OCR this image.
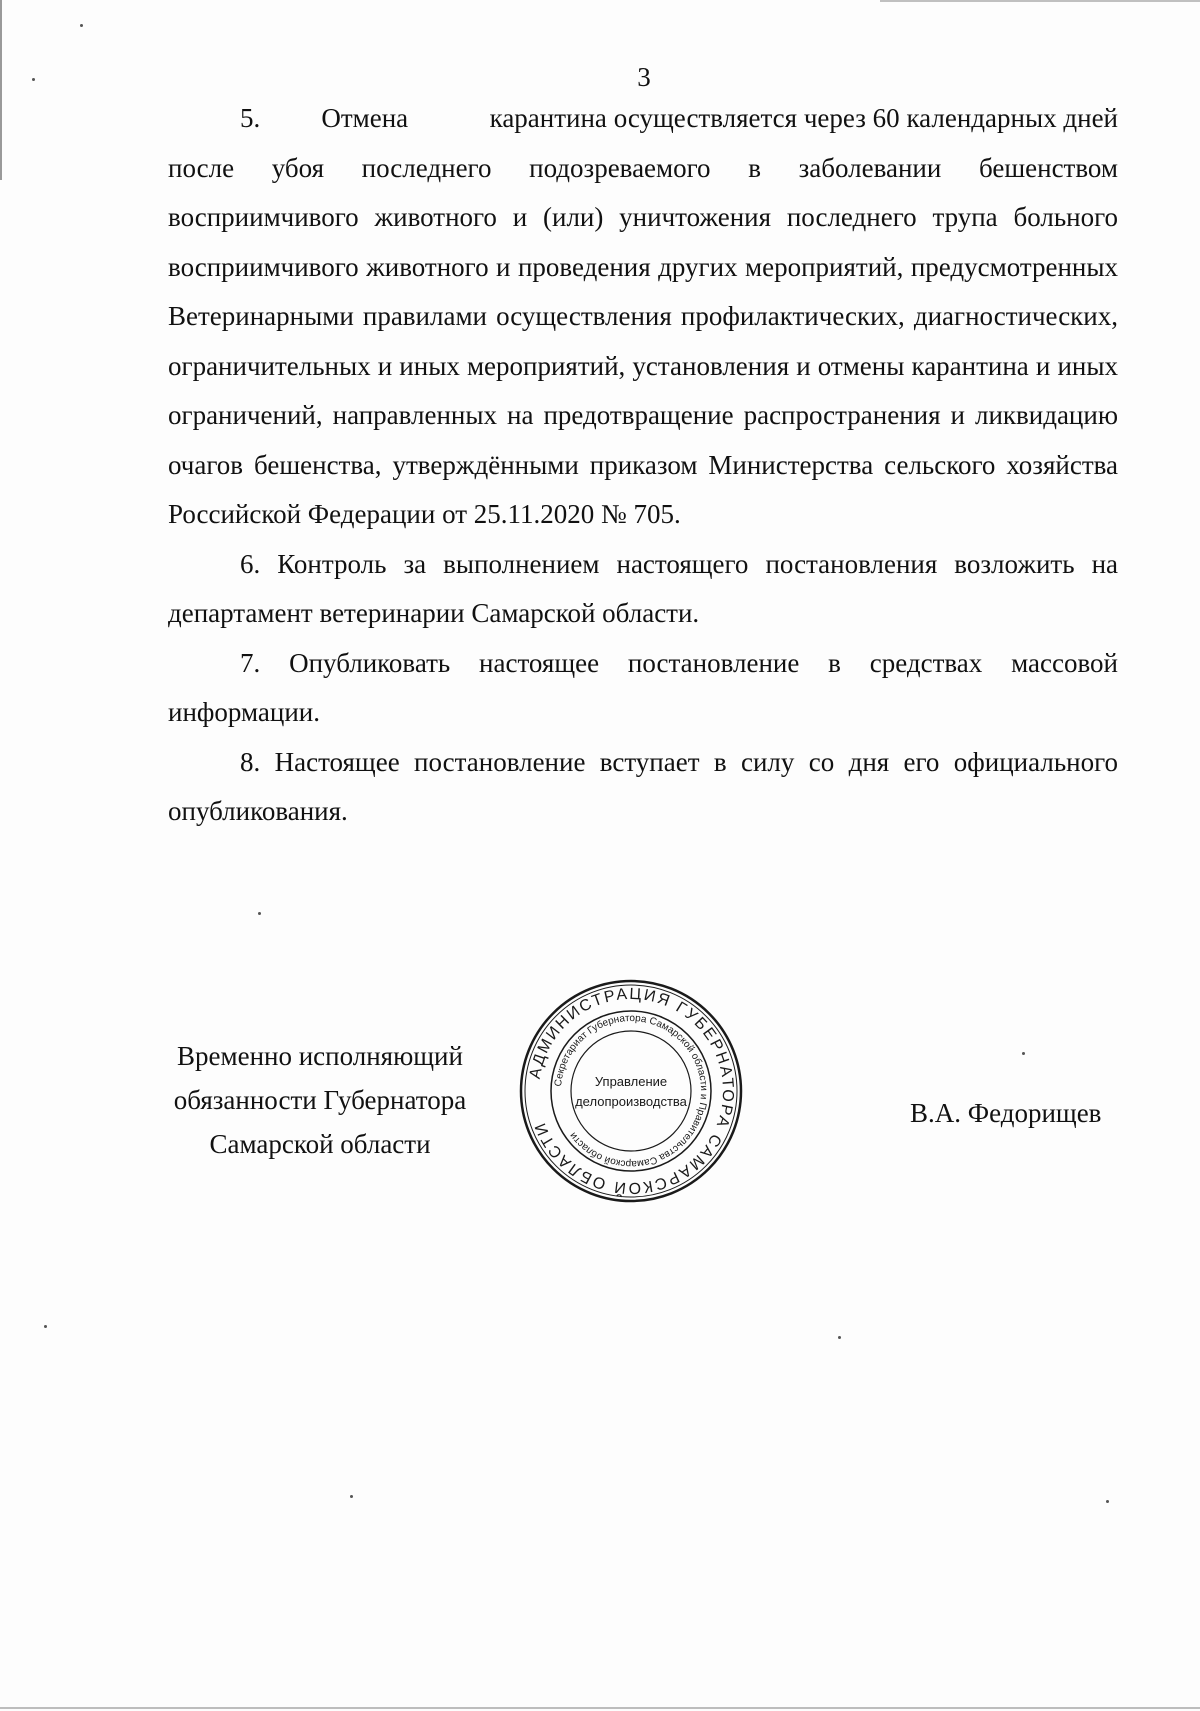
3

5.         Отмена            карантина осуществляется через 60 календарных дней после убоя последнего подозреваемого в заболевании бешенством восприимчивого животного и (или) уничтожения последнего трупа больного восприимчивого животного и проведения других мероприятий, предусмотренных Ветеринарными правилами осуществления профилактических, диагностических, ограничительных и иных мероприятий, установления и отмены карантина и иных ограничений, направленных на предотвращение распространения и ликвидацию очагов бешенства, утверждёнными приказом Министерства сельского хозяйства Российской Федерации от 25.11.2020 № 705.

6. Контроль за выполнением настоящего постановления возложить на департамент ветеринарии Самарской области.

7. Опубликовать настоящее постановление в средствах массовой информации.

8. Настоящее постановление вступает в силу со дня его официального опубликования.

Временно исполняющий
обязанности Губернатора
Самарской области
АДМИНИСТРАЦИЯ ГУБЕРНАТОРА САМАРСКОЙ ОБЛАСТИ
Секретариат Губернатора Самарской области и Правительства Самарской области
Управление
делопроизводства	В.А. Федорищев
